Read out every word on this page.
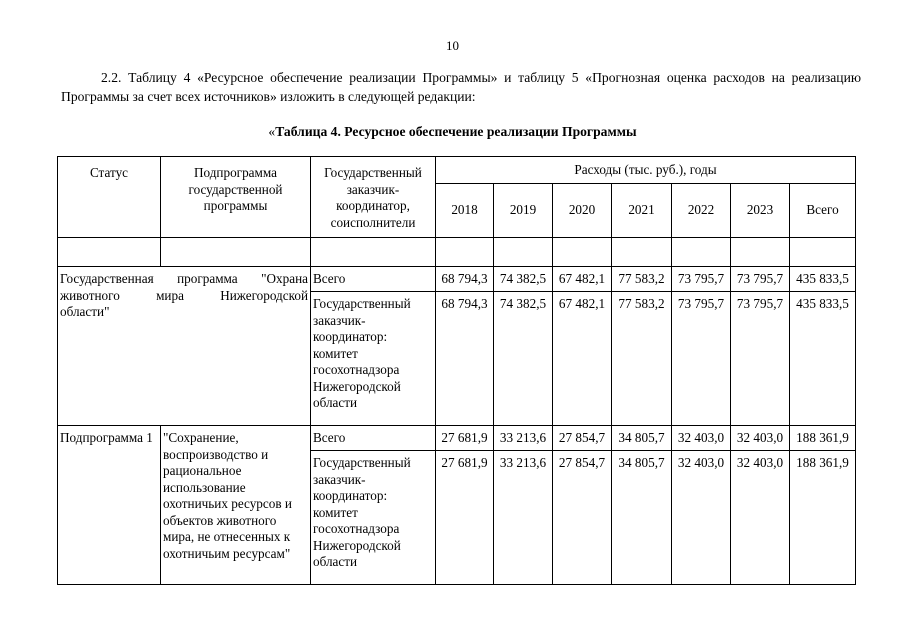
10
2.2. Таблицу 4 «Ресурсное обеспечение реализации Программы» и таблицу 5 «Прогнозная оценка расходов на реализацию Программы за счет всех источников» изложить в следующей редакции:
«Таблица 4. Ресурсное обеспечение реализации Программы
Статус	Подпрограмма государственной программы	Государственный заказчик-координатор, соисполнители	Расходы (тыс. руб.), годы						
			2018	2019	2020	2021	2022	2023	Всего

Государственная программа "Охрана
животного мира Нижегородской
области"		Всего	68 794,3	74 382,5	67 482,1	77 583,2	73 795,7	73 795,7	435 833,5
		Государственный заказчик-координатор: комитет госохотнадзора Нижегородской области	68 794,3	74 382,5	67 482,1	77 583,2	73 795,7	73 795,7	435 833,5
Подпрограмма 1	"Сохранение, воспроизводство и рациональное использование охотничьих ресурсов и объектов животного мира, не отнесенных к охотничьим ресурсам"	Всего	27 681,9	33 213,6	27 854,7	34 805,7	32 403,0	32 403,0	188 361,9
		Государственный заказчик-координатор: комитет госохотнадзора Нижегородской области	27 681,9	33 213,6	27 854,7	34 805,7	32 403,0	32 403,0	188 361,9
